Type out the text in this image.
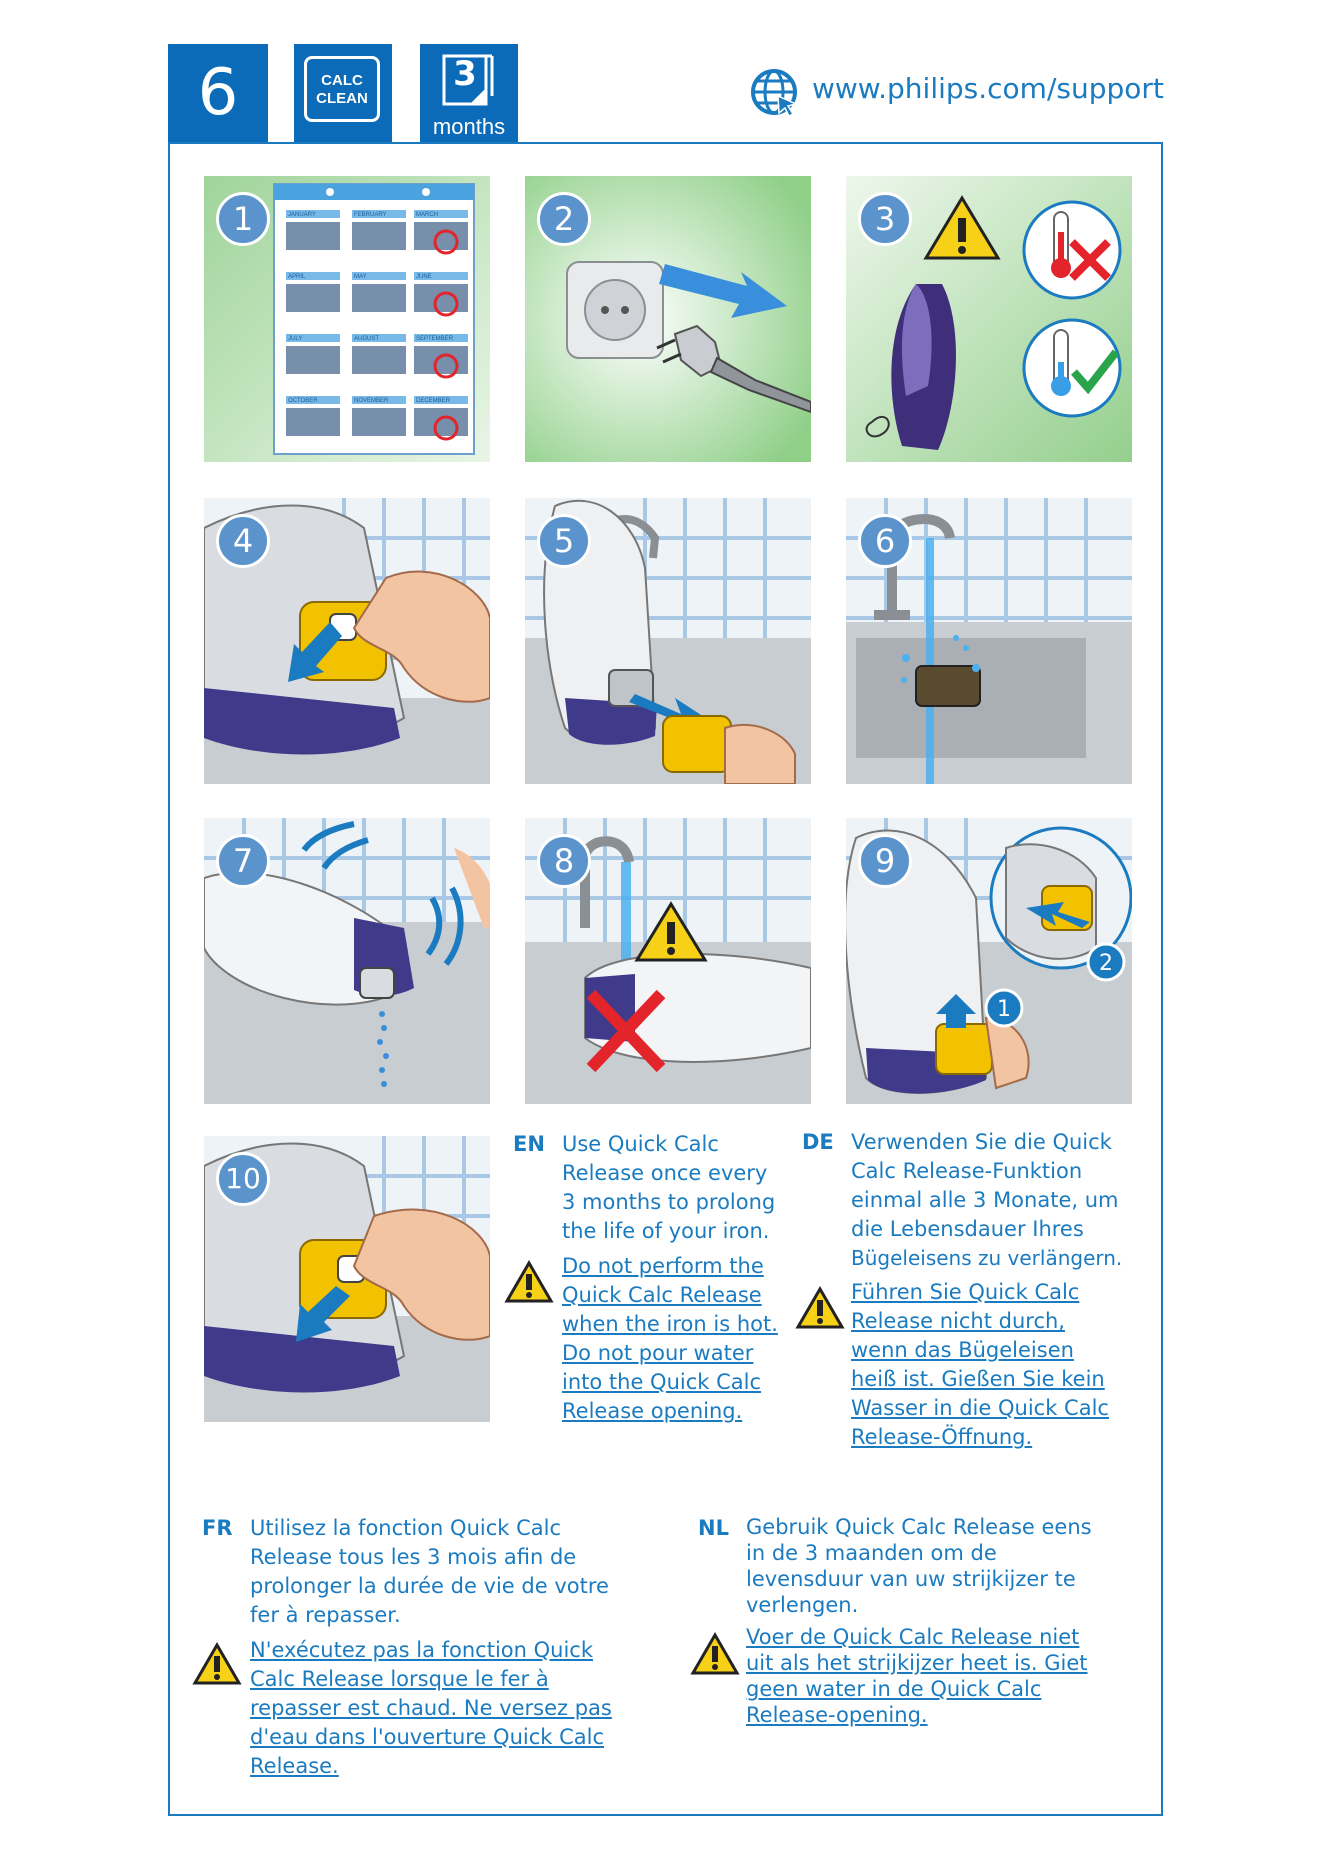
6	CALC
CLEAN
3
months
www.philips.com/support
JANUARY	FEBRUARY	MARCH
APRIL	MAY	JUNE
JULY	AUGUST	SEPTEMBER
OCTOBER	NOVEMBER	DECEMBER
1	2	3
4	5	6
7	8
2
1
9
10
EN Use Quick Calc
Release once every
3 months to prolong
the life of your iron.
Do not perform the
Quick Calc Release
when the iron is hot.
Do not pour water
into the Quick Calc
Release opening.
DE Verwenden Sie die Quick
Calc Release-Funktion
einmal alle 3 Monate, um
die Lebensdauer Ihres
Bügeleisens zu verlängern.
Führen Sie Quick Calc
Release nicht durch,
wenn das Bügeleisen
heiß ist. Gießen Sie kein
Wasser in die Quick Calc
Release-Öffnung.
FR Utilisez la fonction Quick Calc
Release tous les 3 mois afin de
prolonger la durée de vie de votre
fer à repasser.
N'exécutez pas la fonction Quick
Calc Release lorsque le fer à
repasser est chaud. Ne versez pas
d'eau dans l'ouverture Quick Calc
Release.
NL Gebruik Quick Calc Release eens
in de 3 maanden om de
levensduur van uw strijkijzer te
verlengen.
Voer de Quick Calc Release niet
uit als het strijkijzer heet is. Giet
geen water in de Quick Calc
Release-opening.
